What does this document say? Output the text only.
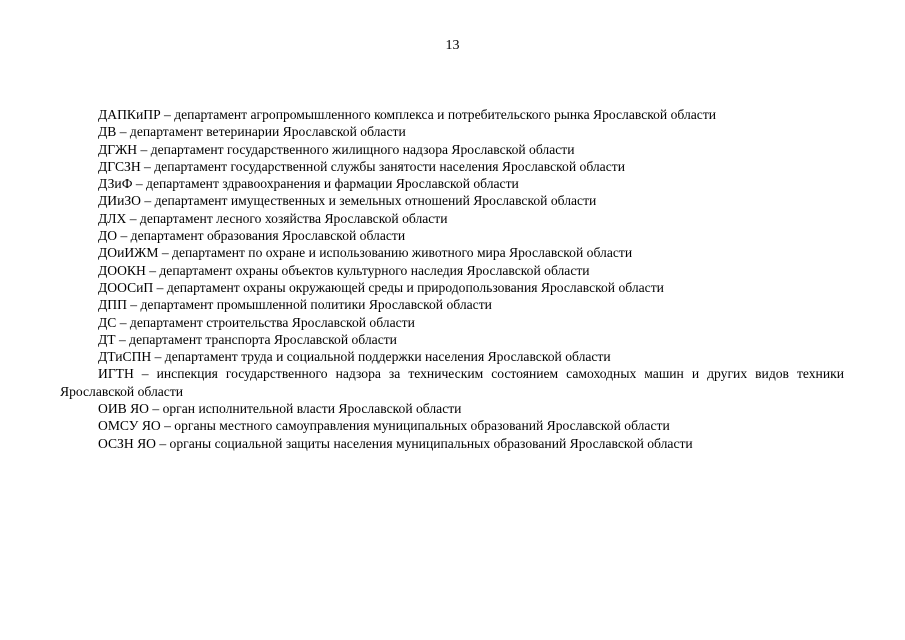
13
ДАПКиПР – департамент агропромышленного комплекса и потребительского рынка Ярославской области
ДВ – департамент ветеринарии Ярославской области
ДГЖН – департамент государственного жилищного надзора Ярославской области
ДГСЗН – департамент государственной службы занятости населения Ярославской области
ДЗиФ – департамент здравоохранения и фармации Ярославской области
ДИиЗО – департамент имущественных и земельных отношений Ярославской области
ДЛХ – департамент лесного хозяйства Ярославской области
ДО – департамент образования Ярославской области
ДОиИЖМ – департамент по охране и использованию животного мира Ярославской области
ДООКН – департамент охраны объектов культурного наследия Ярославской области
ДООСиП – департамент охраны окружающей среды и природопользования Ярославской области
ДПП – департамент промышленной политики Ярославской области
ДС – департамент строительства Ярославской области
ДТ – департамент транспорта Ярославской области
ДТиСПН – департамент труда и социальной поддержки населения Ярославской области
ИГТН – инспекция государственного надзора за техническим состоянием самоходных машин и других видов техники Ярославской области
ОИВ ЯО – орган исполнительной власти Ярославской области
ОМСУ ЯО – органы местного самоуправления муниципальных образований Ярославской области
ОСЗН ЯО – органы социальной защиты населения муниципальных образований Ярославской области
